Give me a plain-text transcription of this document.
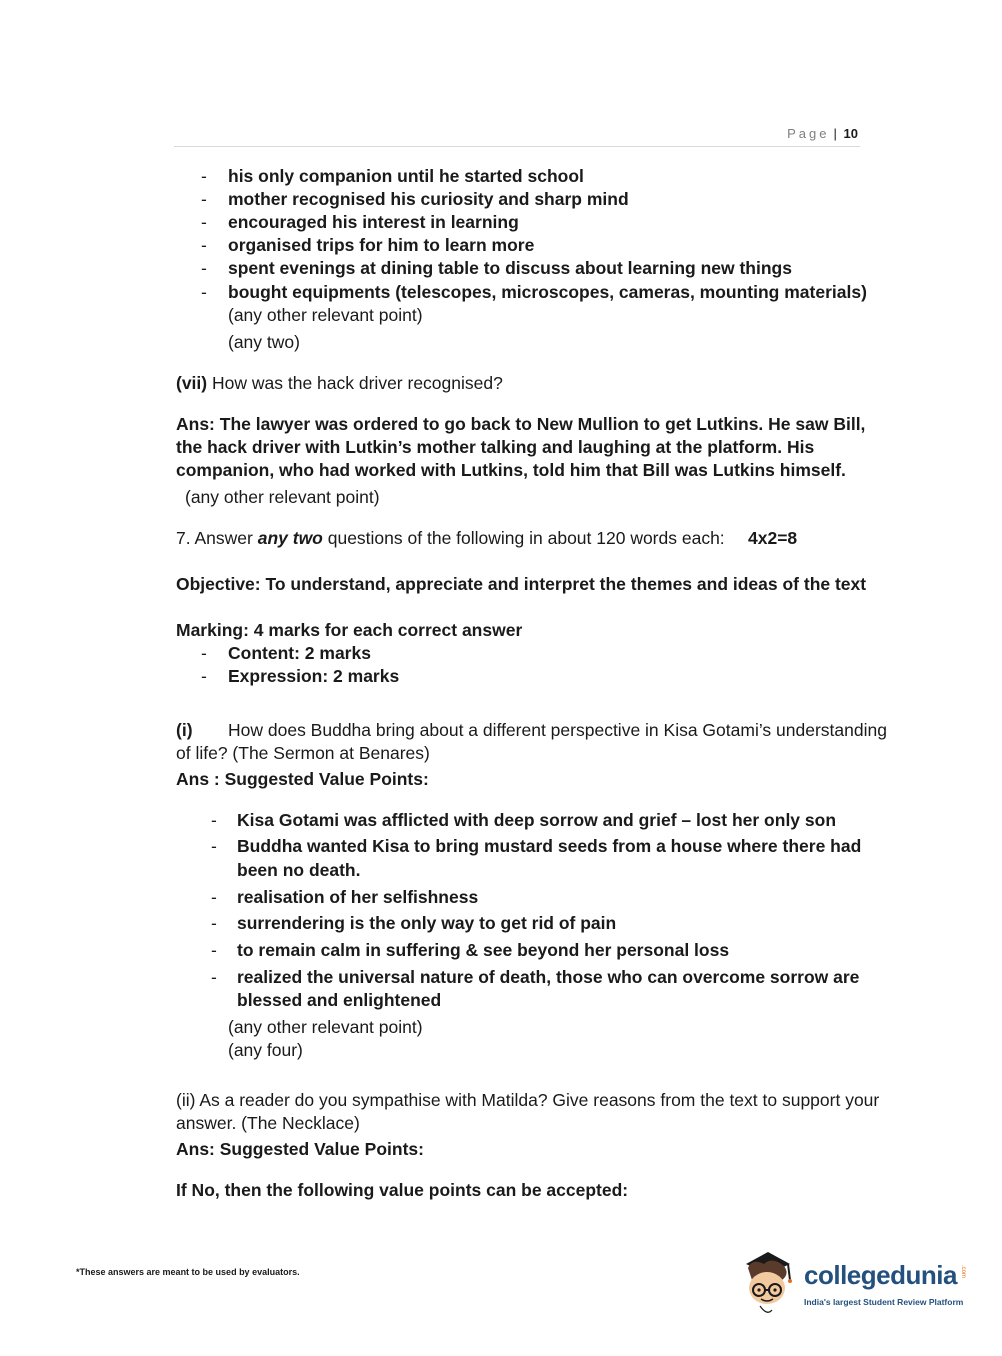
Page | 10
- his only companion until he started school
- mother recognised his curiosity and sharp mind
- encouraged his interest in learning
- organised trips for him to learn more
- spent evenings at dining table to discuss about learning new things
- bought equipments (telescopes, microscopes, cameras, mounting materials)
(any other relevant point)
(any two)
(vii) How was the hack driver recognised?
Ans: The lawyer was ordered to go back to New Mullion to get Lutkins. He saw Bill,
the hack driver with Lutkin’s mother talking and laughing at the platform. His
companion, who had worked with Lutkins, told him that Bill was Lutkins himself.
(any other relevant point)
7. Answer any two questions of the following in about 120 words each: 4x2=8
Objective: To understand, appreciate and interpret the themes and ideas of the text
Marking: 4 marks for each correct answer
- Content: 2 marks
- Expression: 2 marks
(i) How does Buddha bring about a different perspective in Kisa Gotami’s understanding
of life? (The Sermon at Benares)
Ans : Suggested Value Points:
- Kisa Gotami was afflicted with deep sorrow and grief – lost her only son
- Buddha wanted Kisa to bring mustard seeds from a house where there had
been no death.
- realisation of her selfishness
- surrendering is the only way to get rid of pain
- to remain calm in suffering & see beyond her personal loss
- realized the universal nature of death, those who can overcome sorrow are
blessed and enlightened
(any other relevant point)
(any four)
(ii) As a reader do you sympathise with Matilda? Give reasons from the text to support your
answer. (The Necklace)
Ans: Suggested Value Points:
If No, then the following value points can be accepted:
*These answers are meant to be used by evaluators.	collegedunia .com
India's largest Student Review Platform
